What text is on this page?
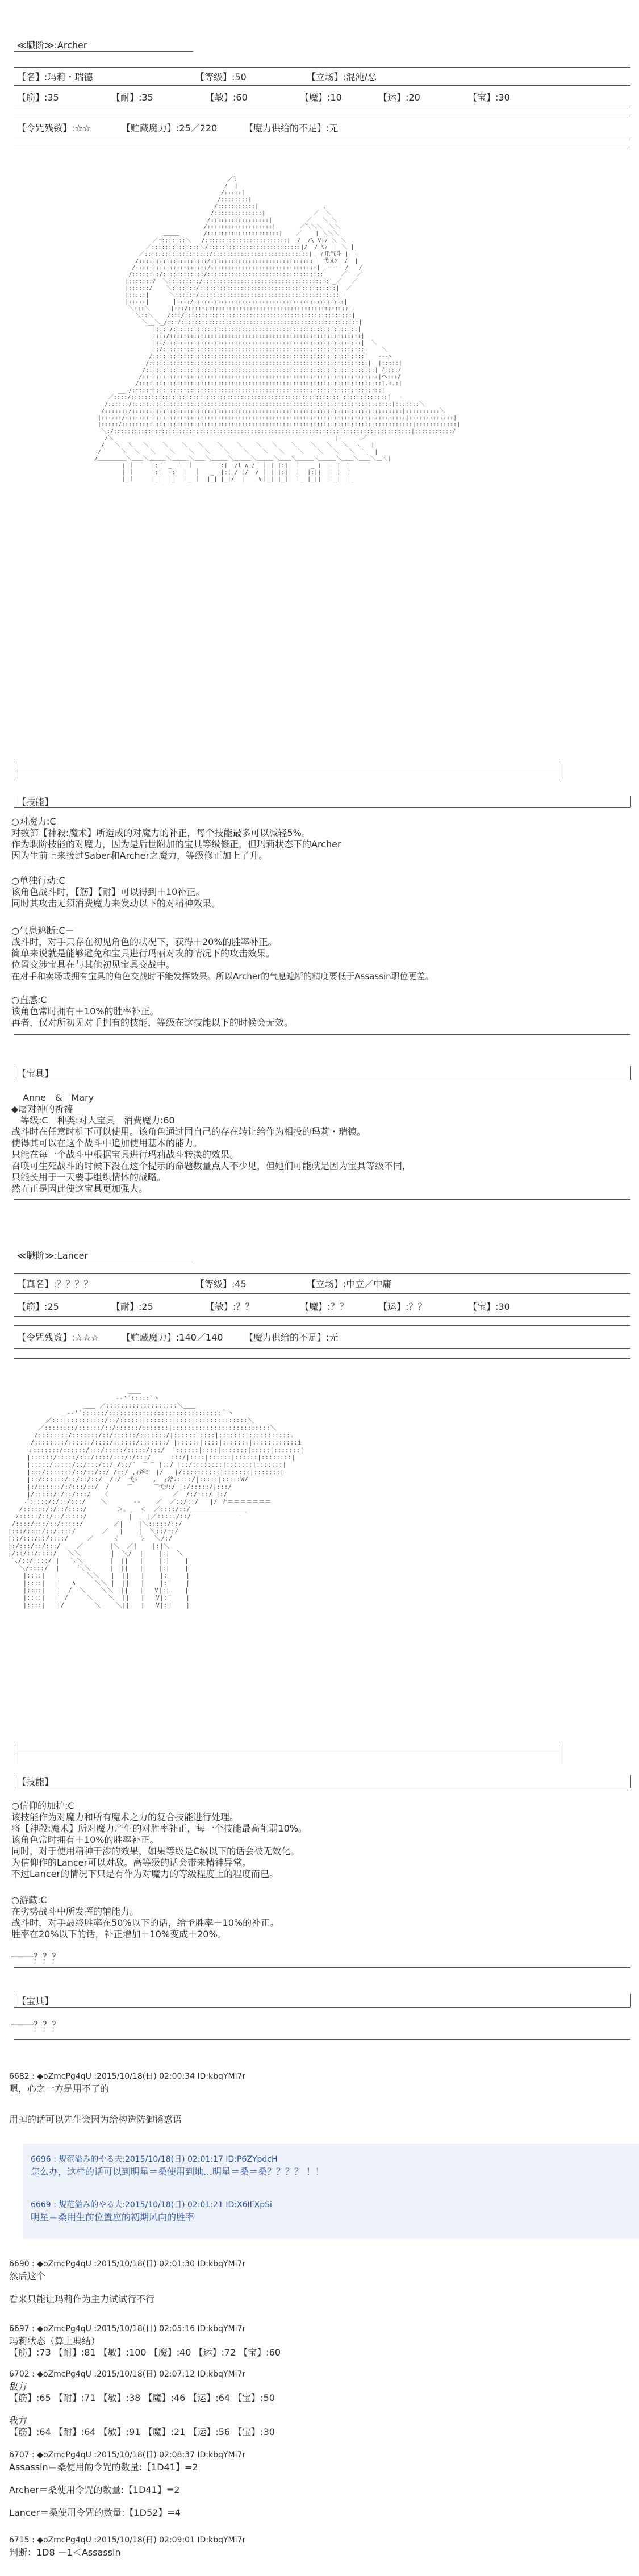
≪職阶≫:Archer
【名】:玛莉・瑞德	【等级】:50	【立场】:混沌/恶
【筋】:35	【耐】:35	【敏】:60	【魔】:10	【运】:20	【宝】:30
【令咒残数】:☆☆	【贮藏魔力】:25／220	【魔力供给的不足】:无
／l
/  |
/:::::|
/::::::::|
/:::::::::::|                   ､
/::::::::::::::|              ／  ＼
/:::::::::::::::::|          ／   ＼ ＼
/:::::::::::::::::::|       ／＼＼＼  ＼＼
＿＿＿       /:::::::::::::::::::::|    ／    | ＼＼＼
／::::::::＼   /::::::::::::::::::::::::|  /  /\ V|/ ＼ ＼
／::::::::::::::＼/:::::::::::::::::::::::::::|/  / \/ |  ＼ |
／:::::::::::::::::::/::::::::::::::::::::::::::::|  ィ爪气斗 |  |
/::::::::::::::::::::/::::::::::::::::::::::::::::::|  弋乂ｿ  /  |
/:::::::::::::::::::::/:::::::::::::::::::::::::::::::|  ＝＝  /   /
/::::::::/::::::::::::/::::::::::::::::::::::::::::::::::|    ／   ／
|:::::::/  ＼:::::::::/:::::::::::::::::::::::::::::::::::::|_／   ／
|::::::/    ＼:::::::/::::::::::::::::::::::::::::::::::::::::|  ／
|:::::|      ＼::::::/:::::::::::::::::::::::::::::::::::::::::|
|:::::|       |::::/::::::::::::::::::::::::::::::::::::::::::::|
＼:::＼      |:::/:::::::::::::::::::::::::::::::::::::::::::::::|
＼::＼    /:::/:::::::::::::::::::::::::::::::::::::::::::::::::|
＼__＼_/:::/::::::::::::::::::::::::::::::::::::::::::::::::::::|
|::::/::::::::::::::::::::::::::::::::::::::::::::::::::::::|
|:::/::::::::::::::::::::::::::::::::::::::::::::::::::::::::|
|::/:::::::::::::::::::::::::::::::::::::::::::::::::::::::::|  ＼
|:/:::::::::::::::::::::::::::::::::::::::::::::::::::::::::::|    ＼
/::::::::::::::::::::::::::::::::::::::::::::::::::::::::::::::|   -‐-ﾍ
/::::::::::::::::::::::::::::::::::::::::::::::::::::::::::::::::|  |:::::|
/:::::::::::::::::::::::::::::::::::::::::::::::::::::::::::::::::::| ﾉ::::ﾉ
/:::::::::::::::::::::::::::::::::::::::::::::::::::::::::::::::::::::|ヘ:::/
/:::::::::::::::::::::::::::::::::::::::::::::::::::::::::::::::::::::::|.:.:|
__ /:::::::::::::::::::::::::::::::::::::::::::::::::::::::::::::::::::::::::|
／::::/:::::::::::::::::::::::::::::::::::::::::::::::::::::::::::::::::::::::::::|＿＿
/::::::/::::::::::::::::::::::::::::::::::::::::::::::::::::::::::::::::::::::::::::|:::::::＼
/:::::::/:::::::::::::::::::::::::::::::::::::::::::::::::::::::::::::::::::::::::::::::|::::::::::＼
|::::::/::::::::::::::::::::::::::::::::::::::::::::::::::::::::::::::::::::::::::::::::::|:::::::::::::|
|:::::/:::::::::::::::::::::::::::::::::::::::::::::::::::::::::::::::::::::::::::::::::::::|::::::::::::|
＼:/:::::::::::::::::::::::::::::::::::::::::::::::::::::::::::::::::::::::::::::::::::::::|:::::::::::/
/＼＿＿＿＿＿＿＿＿＿＿＿＿＿＿＿＿＿＿＿＿＿＿＿＿＿＿＿＿＿＿＿＿＿＿＿＿＿＿＿|＿＿＿＿／
/   ＼  ＼   ＼    ＼    ＼   ＼    ＼    ＼    ＼   ＼    ＼    ＼   ＼   ＼  ＼   |
/      ＼  ＼   ＼    ＼    ＼   ＼    ＼    ＼    ＼   ＼    ＼    ＼   ＼   ＼  ＼  |
/＿＿＿＿＿＼＿＿＼＿＿＿＼＿＿＿＼＿＿＼＿＿＿＼＿＿＿＼＿＿＿＼＿＿＼＿＿＿＼＿＿＿＼＿＿＼＿＿＼＿＼|
| ｜     |:|  _ ｜  ｜       |:|  /l ∧ /  ｜ | |:|  ｜   _ |  ｜ |  |
| ｜     |:|  |:| ｜  ｜   _  |:| / |/  ∨ ｜ | |:|  ｜  |:||  ｜ |  |
|_｜     |_|  |_| ｜_ ｜  |_| |_|/  |    ∨｜_| |_|  ｜_ |_||  ｜_|  |_

【技能】
○对魔力:C
对数節【神殺:魔术】所造成的对魔力的补正，每个技能最多可以减轻5%。
作为职阶技能的对魔力，因为是后世附加的宝具等级修正，但玛莉状态下的Archer
因为生前上来接过Saber和Archer之魔力，等级修正加上了升。
○单独行动:C
该角色战斗时，【筋】【耐】可以得到＋10补正。
同时其攻击无须消费魔力来发动以下的对精神效果。
○气息遮断:C－
战斗时，对手只存在初见角色的状况下，获得＋20%的胜率补正。
简单来说就是能够避免和宝具进行玛丽对攻的情况下的攻击效果。
位置交涉宝具在与其他初见宝具交战中。
在对手和卖场或拥有宝具的角色交战时不能发挥效果。所以Archer的气息遮断的精度要低于Assassin职位更差。
○直感:C
该角色常时拥有＋10%的胜率补正。
再者，仅对所初见对手拥有的技能，等级在这技能以下的时候会无效。
【宝具】
Anne　&　Mary
◆屠对神的祈祷
　等级:C　种类:对人宝具　消费魔力:60
战斗时在任意时机下可以使用。该角色通过同自己的存在转让给作为相投的玛莉・瑞德。
使得其可以在这个战斗中追加使用基本的能力。
只能在每一个战斗中根据宝具进行玛莉战斗转换的效果。
召唤可生死战斗的时候下没在这个提示的命题数量点人不少见，但她们可能就是因为宝具等级不同，
只能长用于一天要事组织情体的战略。
然而正是因此使这宝具更加强大。
≪職阶≫:Lancer
【真名】:？？？？	【等级】:45	【立场】:中立／中庸
【筋】:25	【耐】:25	【敏】:？？	【魔】:？？	【运】:？？	【宝】:30
【令咒残数】:☆☆☆ 【贮藏魔力】:140／140 【魔力供给的不足】:无
＿＿
＿-‐'´:::::`丶
＿＿ ／:::::::::::::::::::＼＿＿
＿-‐'´::::::/::::::::::::::::::::::::::::::｀丶
／::::::::::::::/::/::::::::::::::::::::::::::::::::::＼
／::::::::/::::::/::/::::::/:::::::|::::::::::::::::::::::::::＼
/::::::::/:::::::/::/::::::/:::::::/|::::::|::::|:::::::|:::::::::::.
/::::::::/::::::/::::/::::::/:::::::/ |::::::|::::|:::::::|::::::::::::i
ｉ:::::::/::::::/:::/:::::/:::::/:::/  |::::::|::::|:::::::|:::::|:::::::|
|::::::/:::::/:::/::::/:::/:/:::/＿＿ |:::/|::::|::::::|::::::|::::::::|
|:::::/:::::/::/:::/::/ /::/´  ‾ ‾ |::/ |::/::::::::|:::::::|:::::::|
|:::/:::::::/::/::/::/ /::/ ,ｨ斧ﾐ  |/   |/::::::::::|:::::::|:::::::|
|::/::::::/::/::/::/  /:/  弋ﾂ    ,  ｨ斧ﾐ::::/|:::::|:::::W/
|:/::::::/:/:::/::/  /     ‾      ‾弋ﾂ:/ |:/:::::/|:::/
|/:::::/:/::/:::/   〈                 ／  /:/:::/ |:/
／:::::/:/::/:::/    ＼       ‐-    ／  ／::/::/   |/ ナ＝＝＝＝＝＝＝
/::::::/:/::/::::/        ＞｡ ＿ ＜  ／::::/::/＿＿＿＿＿＿＿＿＿
/:::::/::/::/:::::/           |    |／:::::/::/ ‾‾‾‾‾‾‾‾‾‾‾‾
/::::/:::/::/:::::/        ／|    |＼:::::/::/
|:::/::::/::/::::/       ／   |    |  ＼::/::/
|::/:::/::/::::/     ／     〈      〉  ＼/:/
|:/:::/::/:::/ ＿＿／       |＼  ／|    |:|＼
|/::/::/::::/|  ＼＼        |  ＼/  |    |:|  ＼
＼/::/::::/ |   ＼＼       |  ||   |    |:|    |
＼/::::/  |     ＼＼     |  ||   |    |:|    |
|::::|   |       ＼＼   |  ||   |    |:|    |
|::::|   |   ∧     ＼＼ |  ||   |    |:|    |
|::::|   |  /  ＼    ＼＼  ||   |   V|:|    |
|::::|   | /     ＼    ＼  ||   |   V|:|    |
|::::|   |/        ＼    ＼||   |   V|:|    |

【技能】
○信仰的加护:C
该技能作为对魔力和所有魔术之力的复合技能进行处理。
将【神殺:魔术】所对魔力产生的对胜率补正，每一个技能最高削弱10%。
该角色常时拥有＋10%的胜率补正。
同时，对于使用精神干涉的效果，如果等级是C级以下的话会被无效化。
为信仰作的Lancer可以对敌。高等级的话会带来精神异常。
不过Lancer的情况下只是有作为对魔力的等级程度上的程度而已。
○游藏:C
在劣势战斗中所发挥的辅能力。
战斗时，对手最终胜率在50%以下的话，给予胜率＋10%的补正。
胜率在20%以下的话，补正增加＋10%变成＋20%。
────？？？
【宝具】
────？？？
6682 : ◆oZmcPg4qU :2015/10/18(日) 02:00:34 ID:kbqYMi7r
嗯，心之一方是用不了的
用掉的话可以先生会因为给构造防御诱惑语
6696 : 规范溢み的やる夫:2015/10/18(日) 02:01:17 ID:P6ZYpdcH
怎么办，这样的话可以到明星＝桑使用到地…明星＝桑＝桑？？？？ ！！
6669 : 规范溢み的やる夫:2015/10/18(日) 02:01:21 ID:X6IFXpSi
明星＝桑用生前位置应的初期风向的胜率
6690 : ◆oZmcPg4qU :2015/10/18(日) 02:01:30 ID:kbqYMi7r
然后这个
看来只能让玛莉作为主力试试行不行
6697 : ◆oZmcPg4qU :2015/10/18(日) 02:05:16 ID:kbqYMi7r
玛莉状态（算上典结）
【筋】:73 【耐】:81 【敏】:100 【魔】:40 【运】:72 【宝】:60
6702 : ◆oZmcPg4qU :2015/10/18(日) 02:07:12 ID:kbqYMi7r
敌方
【筋】:65 【耐】:71 【敏】:38 【魔】:46 【运】:64 【宝】:50
我方
【筋】:64 【耐】:64 【敏】:91 【魔】:21 【运】:56 【宝】:30
6707 : ◆oZmcPg4qU :2015/10/18(日) 02:08:37 ID:kbqYMi7r
Assassin＝桑使用的令咒的数量:【1D41】=2
Archer＝桑使用令咒的数量:【1D41】=2
Lancer＝桑使用令咒的数量:【1D52】=4
6715 : ◆oZmcPg4qU :2015/10/18(日) 02:09:01 ID:kbqYMi7r
判断：1D8 －1＜Assassin
